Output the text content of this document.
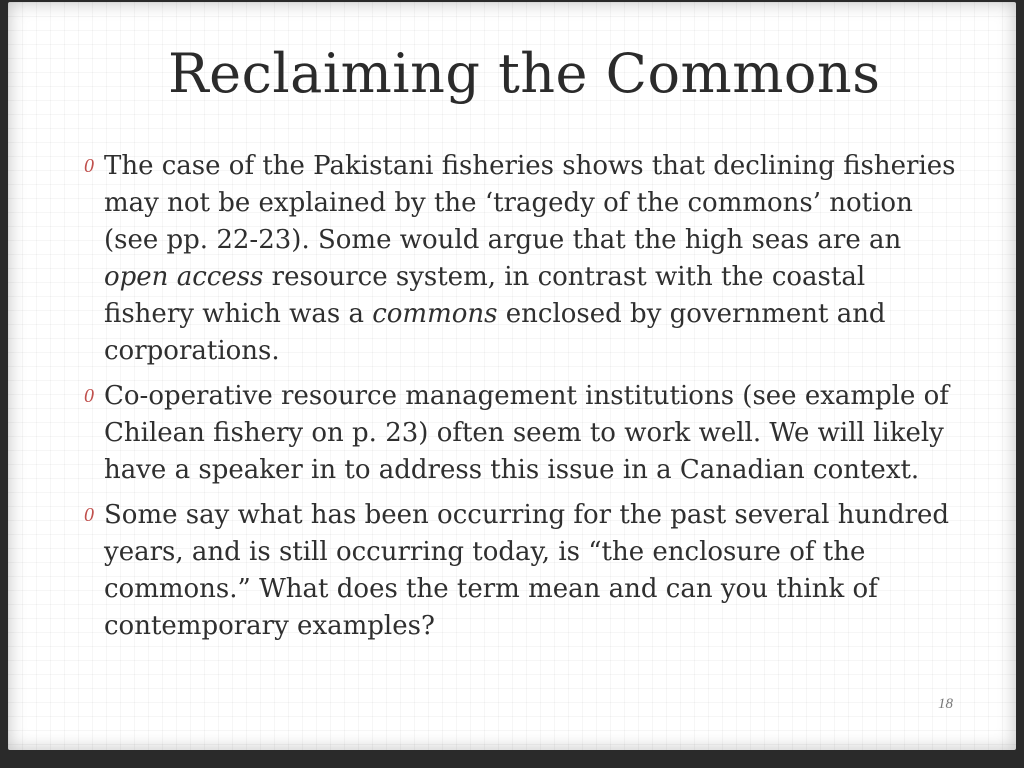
Reclaiming the Commons
0 The case of the Pakistani fisheries shows that declining fisheries may not be explained by the ‘tragedy of the commons’ notion (see pp. 22-23). Some would argue that the high seas are an open access resource system, in contrast with the coastal fishery which was a commons enclosed by government and corporations.
0 Co-operative resource management institutions (see example of Chilean fishery on p. 23) often seem to work well. We will likely have a speaker in to address this issue in a Canadian context.
0 Some say what has been occurring for the past several hundred years, and is still occurring today, is “the enclosure of the commons.” What does the term mean and can you think of contemporary examples?
18
